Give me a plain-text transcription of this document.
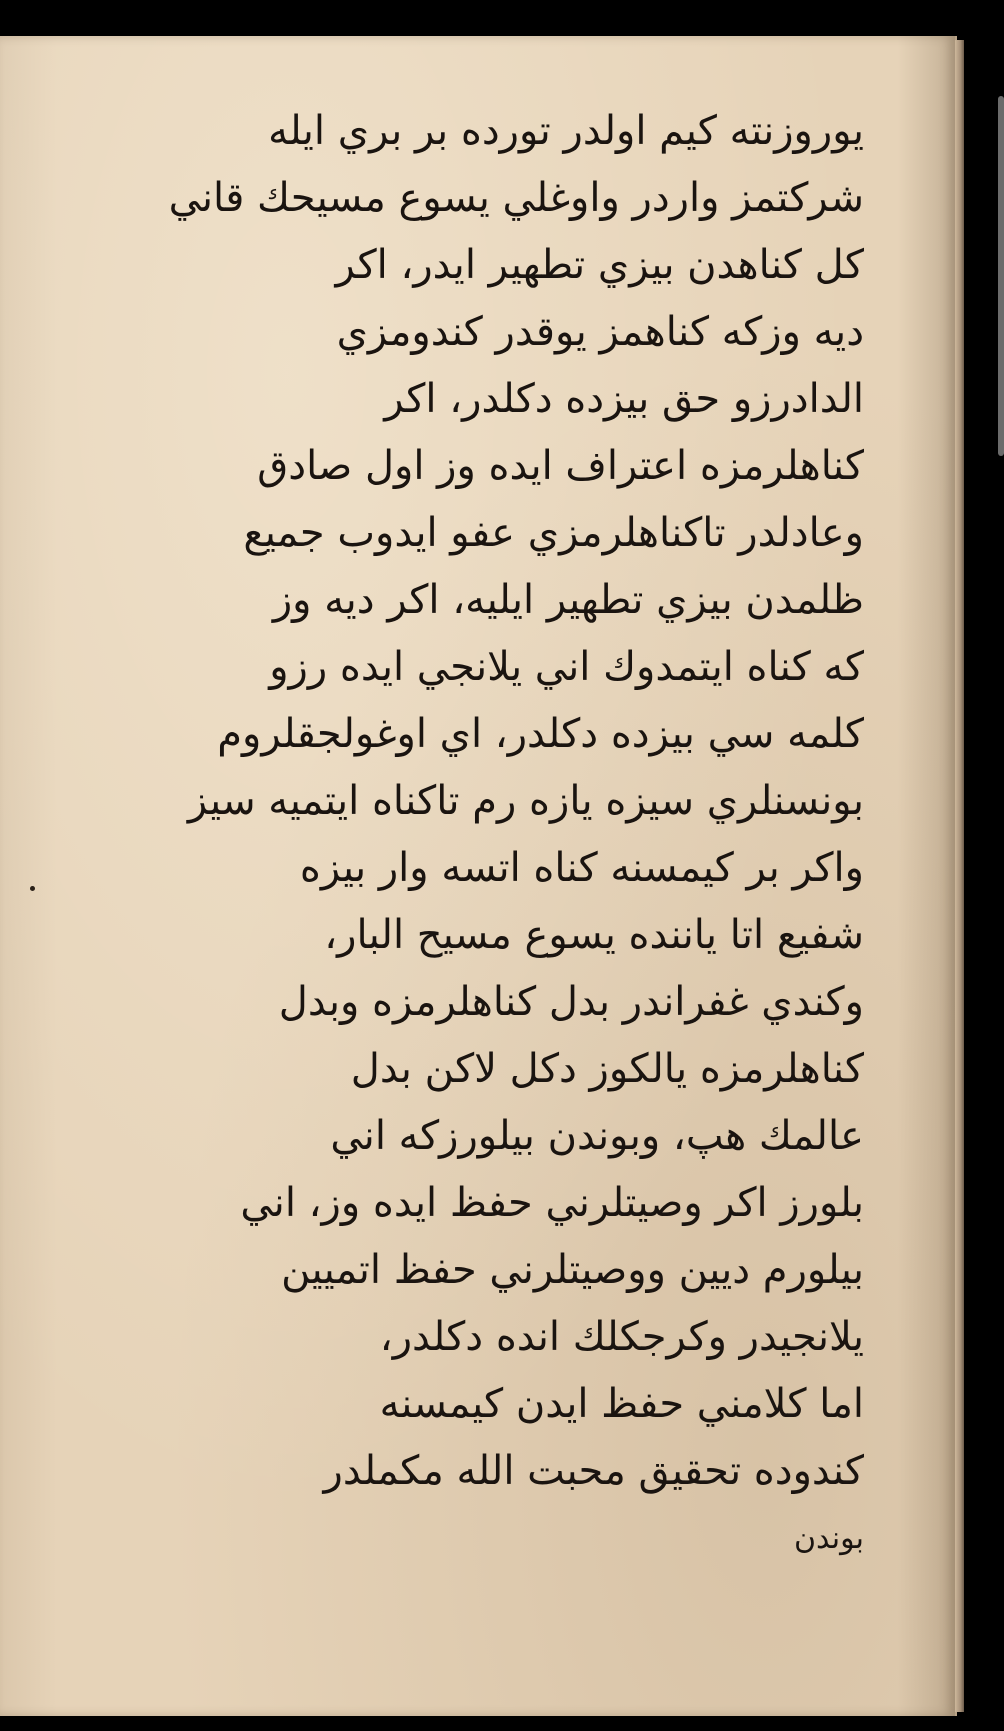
يوروزنته كيم اولدر تورده بر بري ايله
شركتمز واردر واوغلي يسوع مسيحك قاني
كل كناهدن بيزي تطهير ايدر، اكر
ديه وزكه كناهمز يوقدر كندومزي
الدادرزو حق بيزده دكلدر، اكر
كناهلرمزه اعتراف ايده وز اول صادق
وعادلدر تاكناهلرمزي عفو ايدوب جميع
ظلمدن بيزي تطهير ايليه، اكر ديه وز
كه كناه ايتمدوك اني يلانجي ايده رزو
كلمه سي بيزده دكلدر، اي اوغولجقلروم
بونسنلري سيزه يازه رم تاكناه ايتميه سيز
واكر بر كيمسنه كناه اتسه وار بيزه
شفيع اتا ياننده يسوع مسيح البار،
وكندي غفراندر بدل كناهلرمزه وبدل
كناهلرمزه يالكوز دكل لاكن بدل
عالمك هپ، وبوندن بيلورزكه اني
بلورز اكر وصيتلرني حفظ ايده وز، اني
بيلورم ديين ووصيتلرني حفظ اتميين
يلانجيدر وكرجكلك انده دكلدر،
اما كلامني حفظ ايدن كيمسنه
كندوده تحقيق محبت الله مكملدر
بوندن
